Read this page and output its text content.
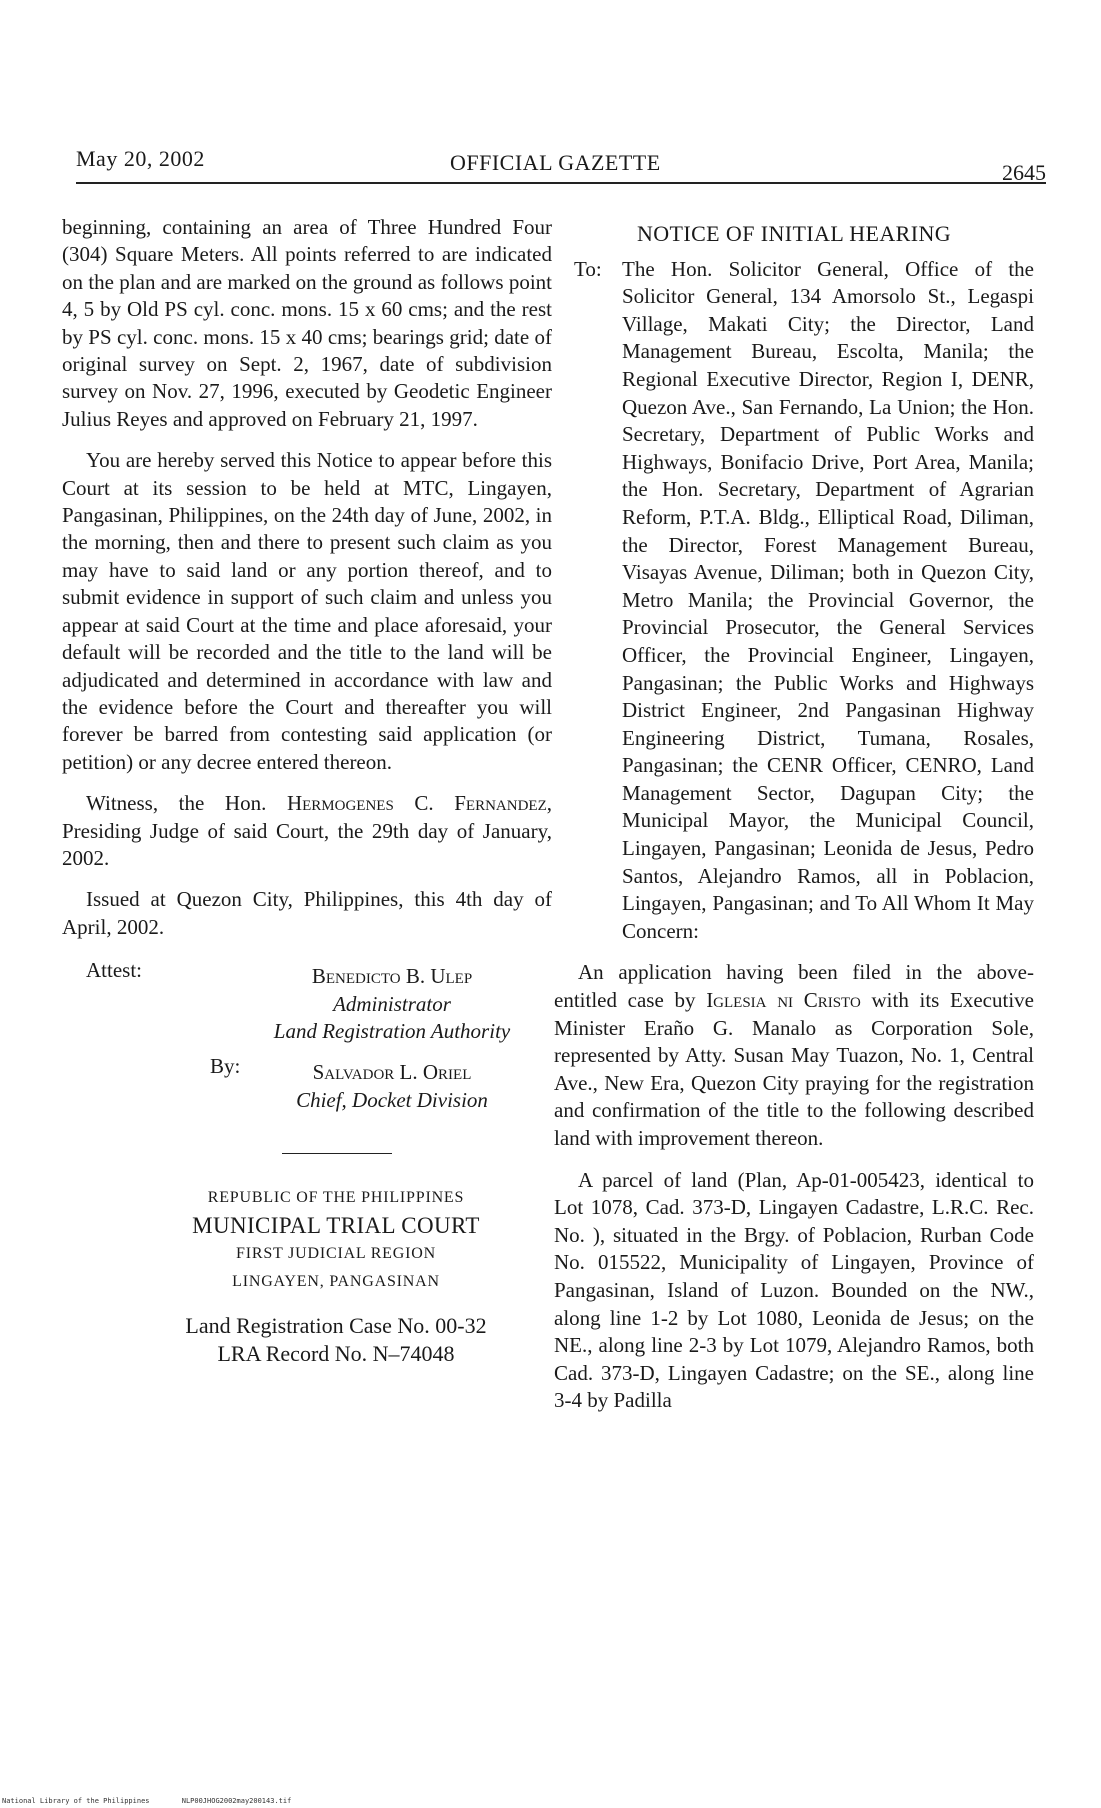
May 20, 2002	OFFICIAL GAZETTE	2645

beginning, containing an area of Three Hundred Four (304) Square Meters. All points referred to are indicated on the plan and are marked on the ground as follows point 4, 5 by Old PS cyl. conc. mons. 15 x 60 cms; and the rest by PS cyl. conc. mons. 15 x 40 cms; bearings grid; date of original survey on Sept. 2, 1967, date of subdivision survey on Nov. 27, 1996, executed by Geodetic Engineer Julius Reyes and approved on February 21, 1997.

You are hereby served this Notice to appear before this Court at its session to be held at MTC, Lingayen, Pangasinan, Philippines, on the 24th day of June, 2002, in the morning, then and there to present such claim as you may have to said land or any portion thereof, and to submit evidence in support of such claim and unless you appear at said Court at the time and place aforesaid, your default will be recorded and the title to the land will be adjudicated and determined in accordance with law and the evidence before the Court and thereafter you will forever be barred from contesting said application (or petition) or any decree entered thereon.

Witness, the Hon. Hermogenes C. Fernandez, Presiding Judge of said Court, the 29th day of January, 2002.

Issued at Quezon City, Philippines, this 4th day of April, 2002.

Attest:	Benedicto B. Ulep
Administrator
Land Registration Authority
By:	Salvador L. Oriel
Chief, Docket Division
REPUBLIC OF THE PHILIPPINES
MUNICIPAL TRIAL COURT
FIRST JUDICIAL REGION
LINGAYEN, PANGASINAN
Land Registration Case No. 00-32
LRA Record No. N–74048
NOTICE OF INITIAL HEARING
To: The Hon. Solicitor General, Office of the Solicitor General, 134 Amorsolo St., Legaspi Village, Makati City; the Director, Land Management Bureau, Escolta, Manila; the Regional Executive Director, Region I, DENR, Quezon Ave., San Fernando, La Union; the Hon. Secretary, Department of Public Works and Highways, Bonifacio Drive, Port Area, Manila; the Hon. Secretary, Department of Agrarian Reform, P.T.A. Bldg., Elliptical Road, Diliman, the Director, Forest Management Bureau, Visayas Avenue, Diliman; both in Quezon City, Metro Manila; the Provincial Governor, the Provincial Prosecutor, the General Services Officer, the Provincial Engineer, Lingayen, Pangasinan; the Public Works and Highways District Engineer, 2nd Pangasinan Highway Engineering District, Tumana, Rosales, Pangasinan; the CENR Officer, CENRO, Land Management Sector, Dagupan City; the Municipal Mayor, the Municipal Council, Lingayen, Pangasinan; Leonida de Jesus, Pedro Santos, Alejandro Ramos, all in Poblacion, Lingayen, Pangasinan; and To All Whom It May Concern:

An application having been filed in the above- entitled case by Iglesia ni Cristo with its Executive Minister Eraño G. Manalo as Corporation Sole, represented by Atty. Susan May Tuazon, No. 1, Central Ave., New Era, Quezon City praying for the registration and confirmation of the title to the following described land with improvement thereon.

A parcel of land (Plan, Ap-01-005423, identical to Lot 1078, Cad. 373-D, Lingayen Cadastre, L.R.C. Rec. No. ), situated in the Brgy. of Poblacion, Rurban Code No. 015522, Municipality of Lingayen, Province of Pangasinan, Island of Luzon. Bounded on the NW., along line 1-2 by Lot 1080, Leonida de Jesus; on the NE., along line 2-3 by Lot 1079, Alejandro Ramos, both Cad. 373-D, Lingayen Cadastre; on the SE., along line 3-4 by Padilla

National Library of the Philippines	NLP00JHOG2002may200143.tif
